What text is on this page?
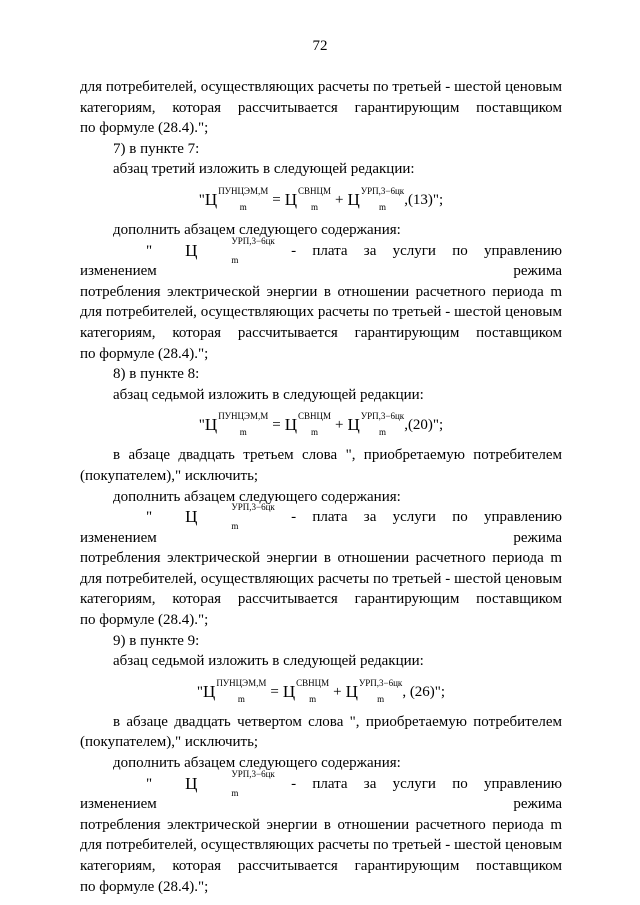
72

для потребителей, осуществляющих расчеты по третьей - шестой ценовым

категориям, которая рассчитывается гарантирующим поставщиком

по формуле (28.4).";

7) в пункте 7:

абзац третий изложить в следующей редакции:

" Ц ПУНЦЭМ,М
m	= Ц СВНЦМ
m	+ Ц УРП,3−6цк
m	,(13)";

дополнить абзацем следующего содержания:

"	Ц	УРП,3−6цк
m
- плата за услуги по управлению изменением режима

потребления электрической энергии в отношении расчетного периода m

для потребителей, осуществляющих расчеты по третьей - шестой ценовым

категориям, которая рассчитывается гарантирующим поставщиком

по формуле (28.4).";

8) в пункте 8:

абзац седьмой изложить в следующей редакции:

" Ц ПУНЦЭМ,М
m	= Ц СВНЦМ
m	+ Ц УРП,3−6цк
m	,(20)";

в абзаце двадцать третьем слова ", приобретаемую потребителем

(покупателем)," исключить;

дополнить абзацем следующего содержания:

"	Ц	УРП,3−6цк
m
- плата за услуги по управлению изменением режима

потребления электрической энергии в отношении расчетного периода m

для потребителей, осуществляющих расчеты по третьей - шестой ценовым

категориям, которая рассчитывается гарантирующим поставщиком

по формуле (28.4).";

9) в пункте 9:

абзац седьмой изложить в следующей редакции:

" Ц ПУНЦЭМ,М
m	= Ц СВНЦМ
m	+ Ц УРП,3−6цк
m	, (26)";

в абзаце двадцать четвертом слова ", приобретаемую потребителем

(покупателем)," исключить;

дополнить абзацем следующего содержания:

"	Ц	УРП,3−6цк
m
- плата за услуги по управлению изменением режима

потребления электрической энергии в отношении расчетного периода m

для потребителей, осуществляющих расчеты по третьей - шестой ценовым

категориям, которая рассчитывается гарантирующим поставщиком

по формуле (28.4).";
